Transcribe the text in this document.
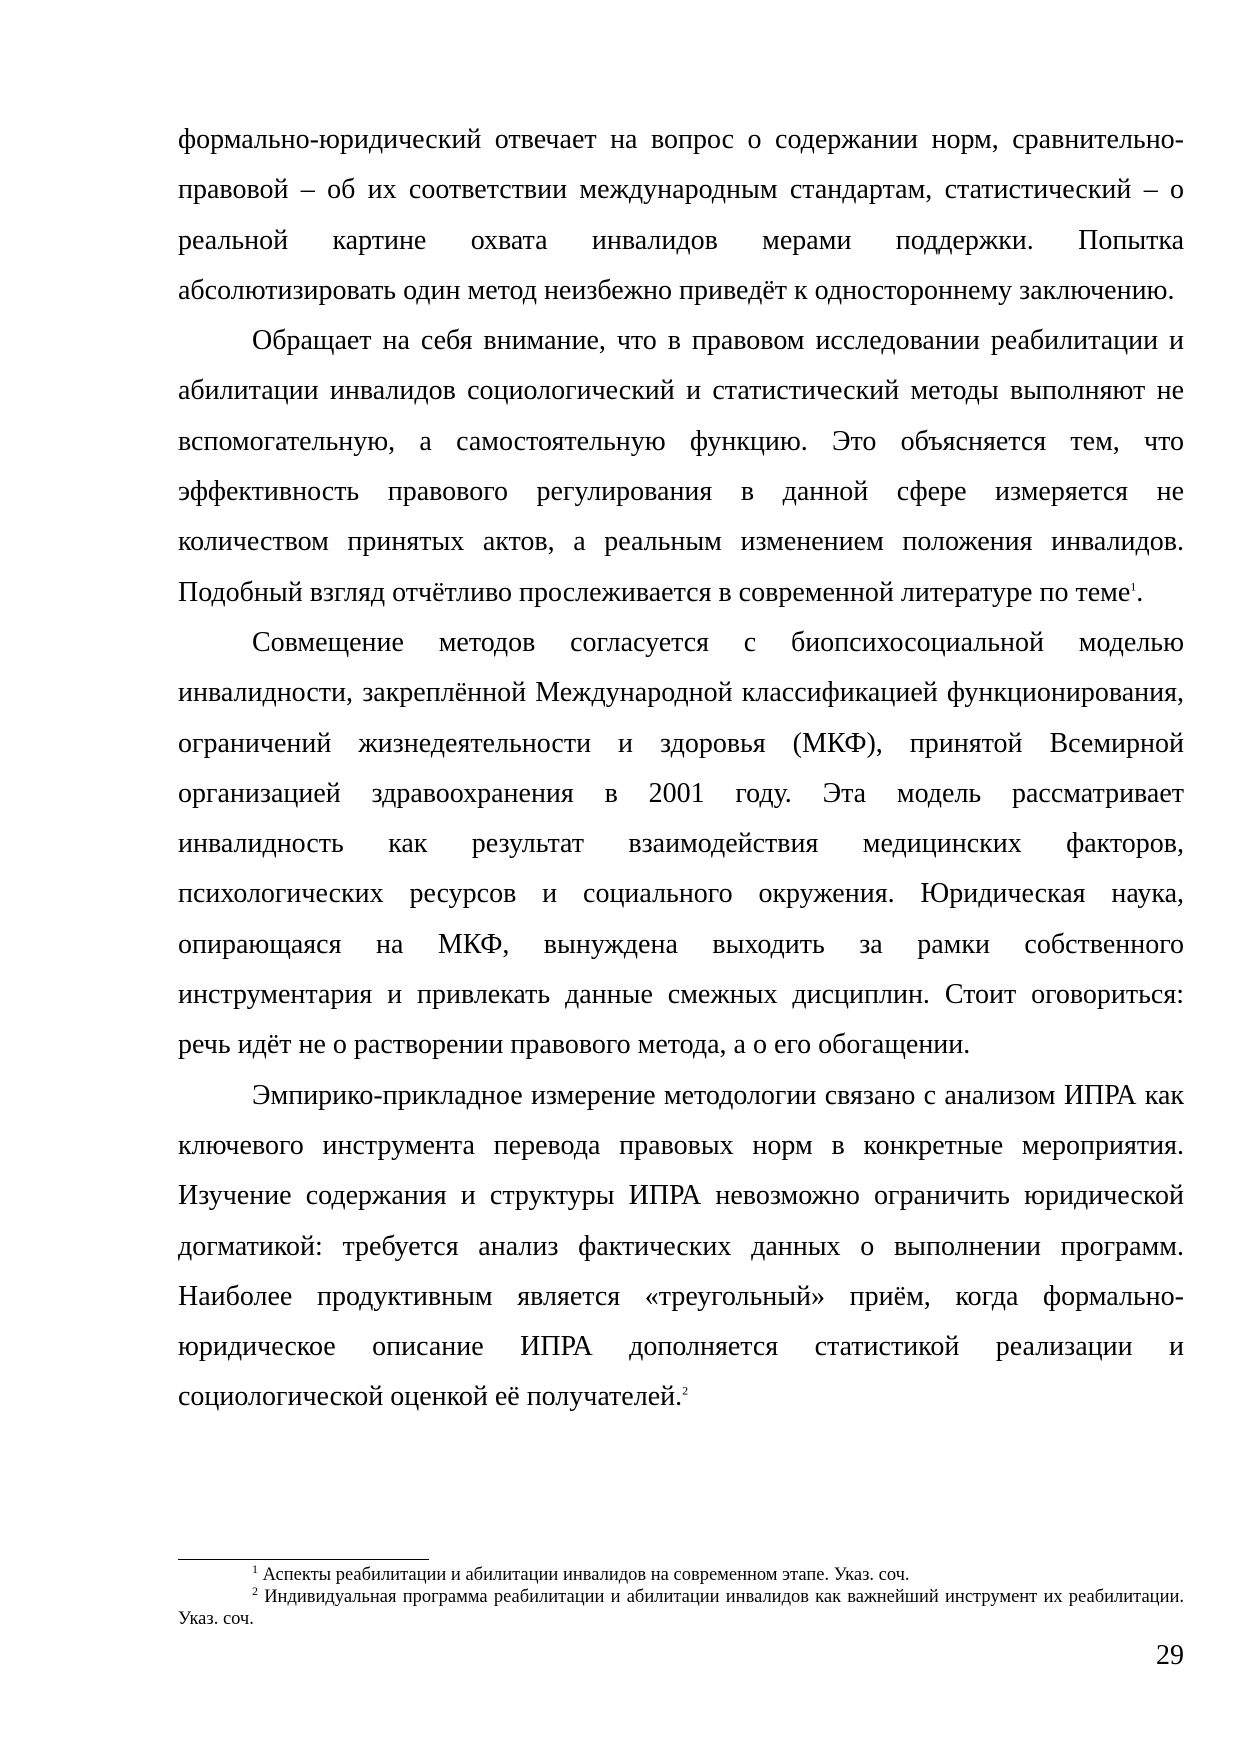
формально-юридический отвечает на вопрос о содержании норм, сравнительно-правовой – об их соответствии международным стандартам, статистический – о реальной картине охвата инвалидов мерами поддержки. Попытка абсолютизировать один метод неизбежно приведёт к одностороннему заключению.

Обращает на себя внимание, что в правовом исследовании реабилитации и абилитации инвалидов социологический и статистический методы выполняют не вспомогательную, а самостоятельную функцию. Это объясняется тем, что эффективность правового регулирования в данной сфере измеряется не количеством принятых актов, а реальным изменением положения инвалидов. Подобный взгляд отчётливо прослеживается в современной литературе по теме$^1$.

Совмещение методов согласуется с биопсихосоциальной моделью инвалидности, закреплённой Международной классификацией функционирования, ограничений жизнедеятельности и здоровья (МКФ), принятой Всемирной организацией здравоохранения в 2001 году. Эта модель рассматривает инвалидность как результат взаимодействия медицинских факторов, психологических ресурсов и социального окружения. Юридическая наука, опирающаяся на МКФ, вынуждена выходить за рамки собственного инструментария и привлекать данные смежных дисциплин. Стоит оговориться: речь идёт не о растворении правового метода, а о его обогащении.

Эмпирико-прикладное измерение методологии связано с анализом ИПРА как ключевого инструмента перевода правовых норм в конкретные мероприятия. Изучение содержания и структуры ИПРА невозможно ограничить юридической догматикой: требуется анализ фактических данных о выполнении программ. Наиболее продуктивным является «треугольный» приём, когда формально-юридическое описание ИПРА дополняется статистикой реализации и социологической оценкой её получателей.$^2$

$^1$ Аспекты реабилитации и абилитации инвалидов на современном этапе. Указ. соч.

$^2$ Индивидуальная программа реабилитации и абилитации инвалидов как важнейший инструмент их реабилитации. Указ. соч.

29
